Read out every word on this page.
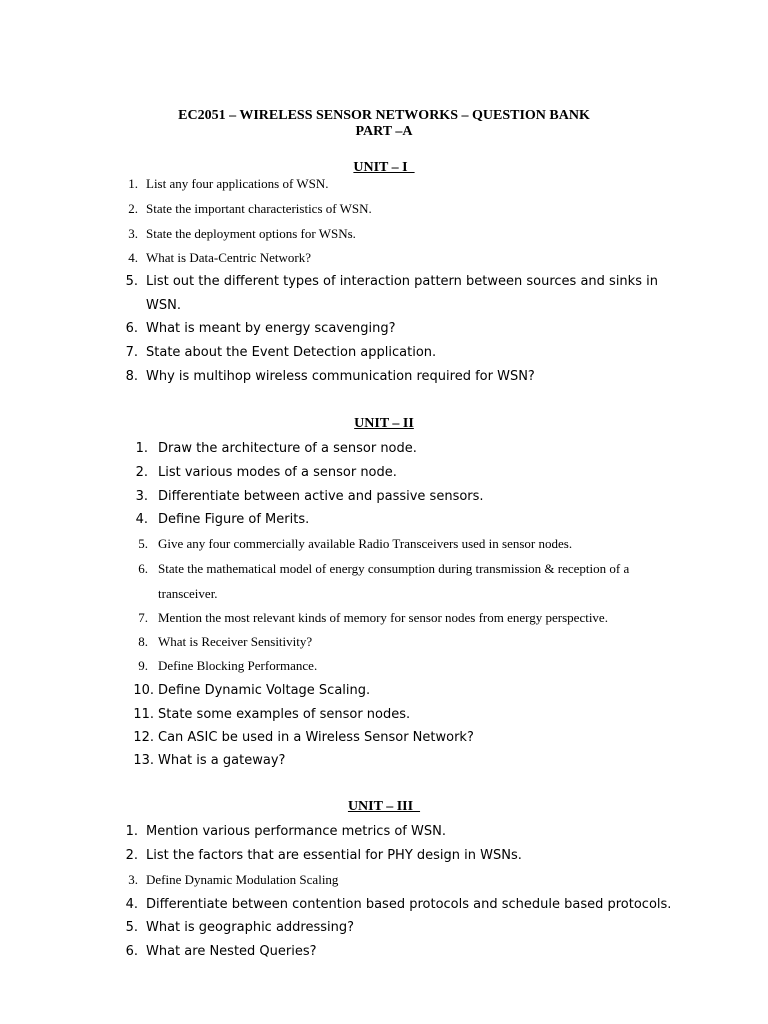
EC2051 – WIRELESS SENSOR NETWORKS – QUESTION BANK
PART –A
UNIT – I
1. List any four applications of WSN.
2. State the important characteristics of WSN.
3. State the deployment options for WSNs.
4. What is Data-Centric Network?
5. List out the different types of interaction pattern between sources and sinks in WSN.
6. What is meant by energy scavenging?
7. State about the Event Detection application.
8. Why is multihop wireless communication required for WSN?
UNIT – II
1. Draw the architecture of a sensor node.
2. List various modes of a sensor node.
3. Differentiate between active and passive sensors.
4. Define Figure of Merits.
5. Give any four commercially available Radio Transceivers used in sensor nodes.
6. State the mathematical model of energy consumption during transmission & reception of a transceiver.
7. Mention the most relevant kinds of memory for sensor nodes from energy perspective.
8. What is Receiver Sensitivity?
9. Define Blocking Performance.
10. Define Dynamic Voltage Scaling.
11. State some examples of sensor nodes.
12. Can ASIC be used in a Wireless Sensor Network?
13. What is a gateway?
UNIT – III
1. Mention various performance metrics of WSN.
2. List the factors that are essential for PHY design in WSNs.
3. Define Dynamic Modulation Scaling
4. Differentiate between contention based protocols and schedule based protocols.
5. What is geographic addressing?
6. What are Nested Queries?
